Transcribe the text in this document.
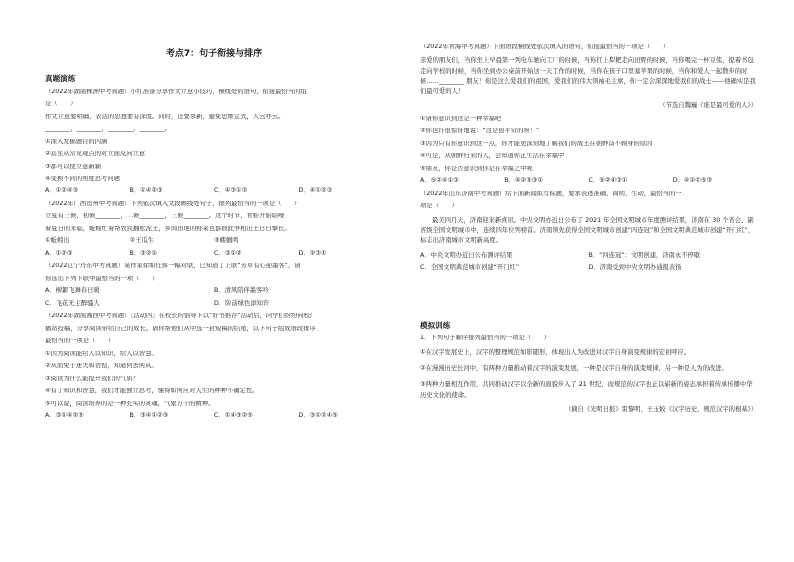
考点7：句子衔接与排序
真题演练
（2022年湖南株洲中考真题）小红准备分享作文立意小技巧，横线处的语句，衔接最恰当的组
是（　　）
作文立意要明确，表达的思想要有深度。同时，还要求新，避免思维定式，人云亦云。
________，________，________，________。
①深入发掘题目的内涵
②甚至从常见观点的对立面反向立意
③都可以使立意新颖
④变换不同的角度思考问题
A．①②④③	B．①④②③	C．④③①②	D．④①②③
（2022年广西贺州中考真题）下列依次填入文段画线处句子，排列最恰当的一项是（　　）
立夏有三候，初候________，二候________，三候________。这个时节，青蛙开始聒噪
着夏日的来临，蚯蚓忙着帮农民翻松泥土，乡间田埂的野菜也都彼此争相出土日日攀长。
①蚯蚓出	②王瓜生	③蝼蝈鸣
A．①②③	B．③②①	C．③①②	D．②③①
（2022辽宁丹东中考真题）某作家徐如任挥一幅对联，已知道了上联“芳草有心迎墨客”，请
你选出下列下联中最恰当的一项（　　）
A．柳絮飞舞春日暖	B．清风陪伴墨客吟
C．飞花无主醉骚人	D．阶前绿色添知许
（2022年湖南湘西中考真题）［活动四］在校长的倡导下以“好书推荐”活动后，同学们纷纷向校广
播站投稿，分享阅读带给自己的成长。请你帮他们从中选一封短稿的结尾，以下句子组成语段排序
最恰当的一项是（　　）
①因为阅读能给人以知识，给人以智慧。
②从而免于迷失和彷徨，知道何去何从。
③阅读为什么能提升我们的气质？
④有了知识和智慧，我们才能独立思考，懂得如何应对人生的种种不确定性。
⑤可以说，阅读培养的是一种充实的灵魂，气象万千的精神。
A．③①④②⑤	B．③④①②⑤	C．①④③②⑤	D．③①②④⑤
（2022年青海中考真题）下面语段横线处依次填入的语句，衔接最恰当的一项是（　　）
亲爱的朋友们，当你坐上早晨第一列电车驰向工厂的时候，当你扛上犁耙走向田野的时候，当你喝完一杯豆浆，提着书包走向学校的时候，当你坐到办公桌前开始这一天工作的时候，当你在孩子口里塞苹果的时候，当你和爱人一起散步的时候……________ 朋友！你是这么爱我们的祖国，爱我们的伟大领袖毛主席，你一定会深深地爱我们的战士——他确实是我们最可爱的人！
（节选自魏巍《谁是最可爱的人》）
①请你意识到这是一种幸福吧
②你也许很惊讶地说：“这是很平常的呀！”
③因为只有你意识到这一点，你才能更深刻地了解我们的战士在朝鲜奋不顾身的原因
④可是，从朝鲜归来的人，会知道你正生活在幸福中
⑤朋友，你是否意识到你是在幸福之中呢
A．⑤②④①③	B．④②⑤③①	C．⑤②④③①	D．④②①⑤③
（2022年山东济南中考真题）给下面新闻拟写标题，要求表述准确、简明、生动，最恰当的一
项是（　　）
最美四月天，济南迎来新喜讯。中央文明办近日公布了 2021 年全国文明城市年度测评结果，济南在 30 个省会、副省级全国文明城市中，连续四年位列榜首。济南领先获得全国文明城市创建“四连冠”和全国文明典范城市创建“开门红”，标志出济南城市文明新高度。
A．中央文明办近日公布测评结果	B．“四连冠”：文明创建，济南永不停歇
C．全国文明典范城市创建“开门红”	D．济南受到中央文明办通报表扬
模拟训练
1．下列句子顺序排列最恰当的一项是（　　）
①在汉字发展史上，汉字的整理规范如影随形，体现出人为改进对汉字自身演变规律的宏初呼应。
②在漫漫历史长河中，有两种力量推动着汉字的演变发展，一种是汉字自身的演变规律，另一种是人为的改进。
③两种力量相互作用，共同推动汉字以全新的面貌步入了 21 世纪，而规范的汉字也正以崭新的姿态承担着传承传播中华历史文化的使命。
（摘自《光明日报》雷黎明、王玉蛟《汉字历史，规范汉字的根基》）
